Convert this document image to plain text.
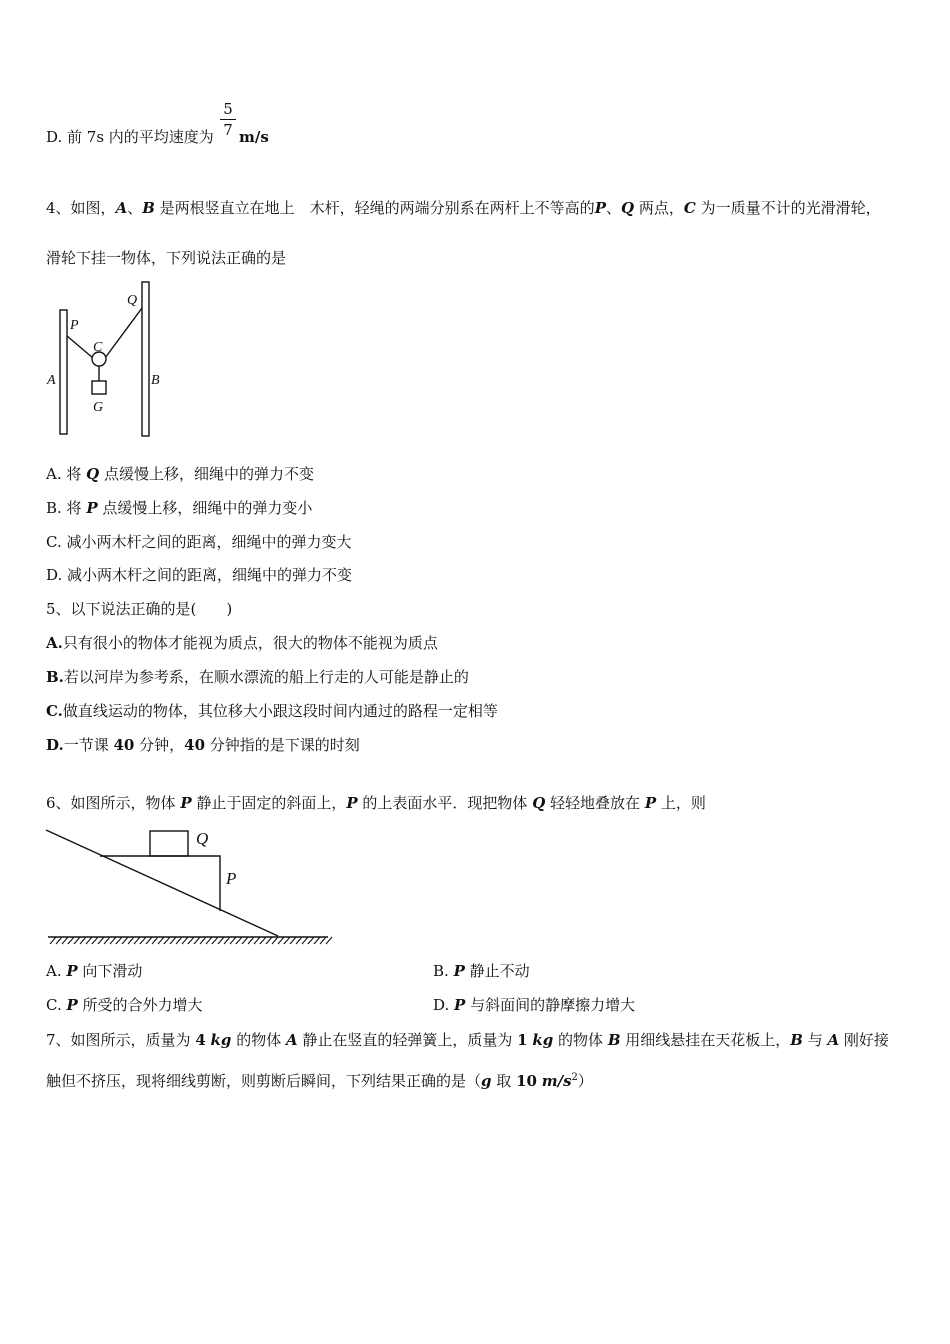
D. 前 7s 内的平均速度为
5
7 m/s
4、如图，A、B 是两根竖直立在地上　木杆，轻绳的两端分别系在两杆上不等高的P、Q 两点，C 为一质量不计的光滑滑轮，
滑轮下挂一物体，下列说法正确的是
P
Q
C
A	B
G
A. 将 Q 点缓慢上移，细绳中的弹力不变
B. 将 P 点缓慢上移，细绳中的弹力变小
C. 减小两木杆之间的距离，细绳中的弹力变大
D. 减小两木杆之间的距离，细绳中的弹力不变
5、以下说法正确的是(　　)
A.只有很小的物体才能视为质点，很大的物体不能视为质点
B.若以河岸为参考系，在顺水漂流的船上行走的人可能是静止的
C.做直线运动的物体，其位移大小跟这段时间内通过的路程一定相等
D.一节课 40 分钟，40 分钟指的是下课的时刻
6、如图所示，物体 P 静止于固定的斜面上，P 的上表面水平．现把物体 Q 轻轻地叠放在 P 上，则
Q
P
A. P 向下滑动	B. P 静止不动
C. P 所受的合外力增大	D. P 与斜面间的静摩擦力增大
7、如图所示，质量为 4 kg 的物体 A 静止在竖直的轻弹簧上，质量为 1 kg 的物体 B 用细线悬挂在天花板上，B 与 A 刚好接
触但不挤压，现将细线剪断，则剪断后瞬间，下列结果正确的是（g 取 10 $m/s^2$）
